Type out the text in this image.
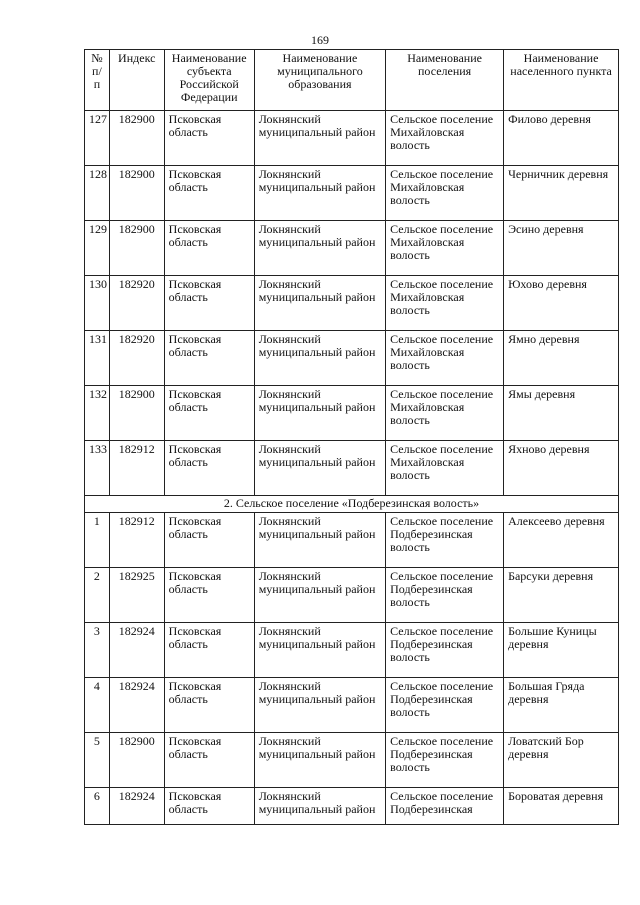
169
№ п/п	Индекс	Наименование субъекта Российской Федерации	Наименование муниципального образования	Наименование поселения	Наименование населенного пункта
127	182900	Псковская область	Локнянский муниципальный район	Сельское поселение Михайловская волость	Филово деревня
128	182900	Псковская область	Локнянский муниципальный район	Сельское поселение Михайловская волость	Черничник деревня
129	182900	Псковская область	Локнянский муниципальный район	Сельское поселение Михайловская волость	Эсино деревня
130	182920	Псковская область	Локнянский муниципальный район	Сельское поселение Михайловская волость	Юхово деревня
131	182920	Псковская область	Локнянский муниципальный район	Сельское поселение Михайловская волость	Ямно деревня
132	182900	Псковская область	Локнянский муниципальный район	Сельское поселение Михайловская волость	Ямы деревня
133	182912	Псковская область	Локнянский муниципальный район	Сельское поселение Михайловская волость	Яхново деревня
2. Сельское поселение «Подберезинская волость»					
1	182912	Псковская область	Локнянский муниципальный район	Сельское поселение Подберезинская волость	Алексеево деревня
2	182925	Псковская область	Локнянский муниципальный район	Сельское поселение Подберезинская волость	Барсуки деревня
3	182924	Псковская область	Локнянский муниципальный район	Сельское поселение Подберезинская волость	Большие Куницы деревня
4	182924	Псковская область	Локнянский муниципальный район	Сельское поселение Подберезинская волость	Большая Гряда деревня
5	182900	Псковская область	Локнянский муниципальный район	Сельское поселение Подберезинская волость	Ловатский Бор деревня
6	182924	Псковская область	Локнянский муниципальный район	Сельское поселение Подберезинская	Бороватая деревня
